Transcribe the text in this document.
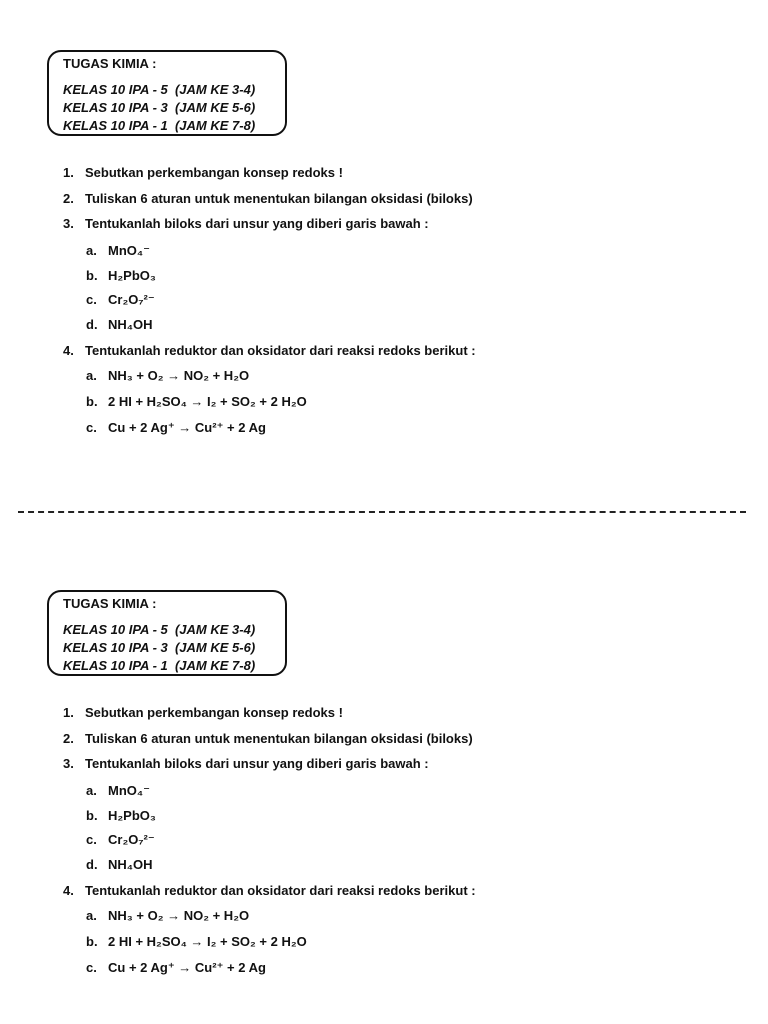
TUGAS KIMIA :
KELAS 10 IPA - 5  (JAM KE 3-4)
KELAS 10 IPA - 3  (JAM KE 5-6)
KELAS 10 IPA - 1  (JAM KE 7-8)
1. Sebutkan perkembangan konsep redoks !
2. Tuliskan 6 aturan untuk menentukan bilangan oksidasi (biloks)
3. Tentukanlah biloks dari unsur yang diberi garis bawah :
a. MnO₄⁻
b. H₂PbO₃
c. Cr₂O₇²⁻
d. NH₄OH
4. Tentukanlah reduktor dan oksidator dari reaksi redoks berikut :
a. NH₃ + O₂ → NO₂ + H₂O
b. 2 HI + H₂SO₄ → I₂ + SO₂ + 2 H₂O
c. Cu + 2 Ag⁺ → Cu²⁺ + 2 Ag
TUGAS KIMIA :
KELAS 10 IPA - 5  (JAM KE 3-4)
KELAS 10 IPA - 3  (JAM KE 5-6)
KELAS 10 IPA - 1  (JAM KE 7-8)
1. Sebutkan perkembangan konsep redoks !
2. Tuliskan 6 aturan untuk menentukan bilangan oksidasi (biloks)
3. Tentukanlah biloks dari unsur yang diberi garis bawah :
a. MnO₄⁻
b. H₂PbO₃
c. Cr₂O₇²⁻
d. NH₄OH
4. Tentukanlah reduktor dan oksidator dari reaksi redoks berikut :
a. NH₃ + O₂ → NO₂ + H₂O
b. 2 HI + H₂SO₄ → I₂ + SO₂ + 2 H₂O
c. Cu + 2 Ag⁺ → Cu²⁺ + 2 Ag
